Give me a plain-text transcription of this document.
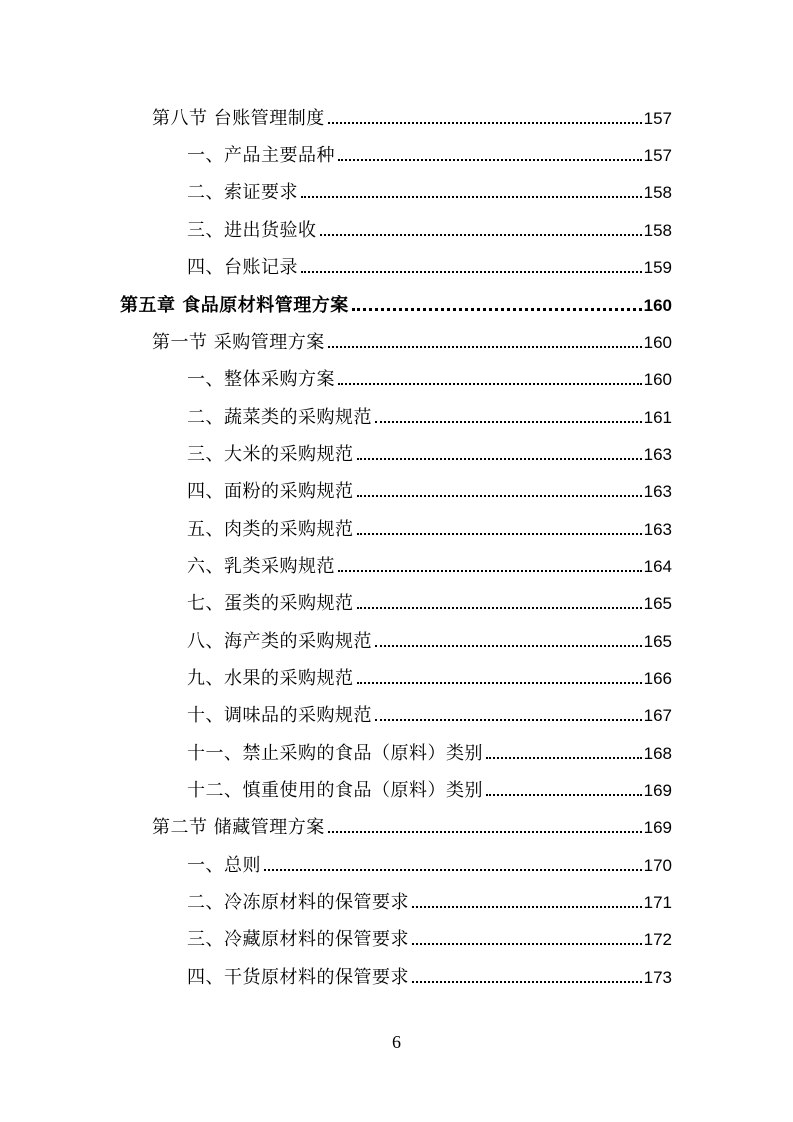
第八节 台账管理制度	157
一、产品主要品种	157
二、索证要求	158
三、进出货验收	158
四、台账记录	159
第五章 食品原材料管理方案	160
第一节 采购管理方案	160
一、整体采购方案	160
二、蔬菜类的采购规范	161
三、大米的采购规范	163
四、面粉的采购规范	163
五、肉类的采购规范	163
六、乳类采购规范	164
七、蛋类的采购规范	165
八、海产类的采购规范	165
九、水果的采购规范	166
十、调味品的采购规范	167
十一、禁止采购的食品（原料）类别	168
十二、慎重使用的食品（原料）类别	169
第二节 储藏管理方案	169
一、总则	170
二、冷冻原材料的保管要求	171
三、冷藏原材料的保管要求	172
四、干货原材料的保管要求	173
6
